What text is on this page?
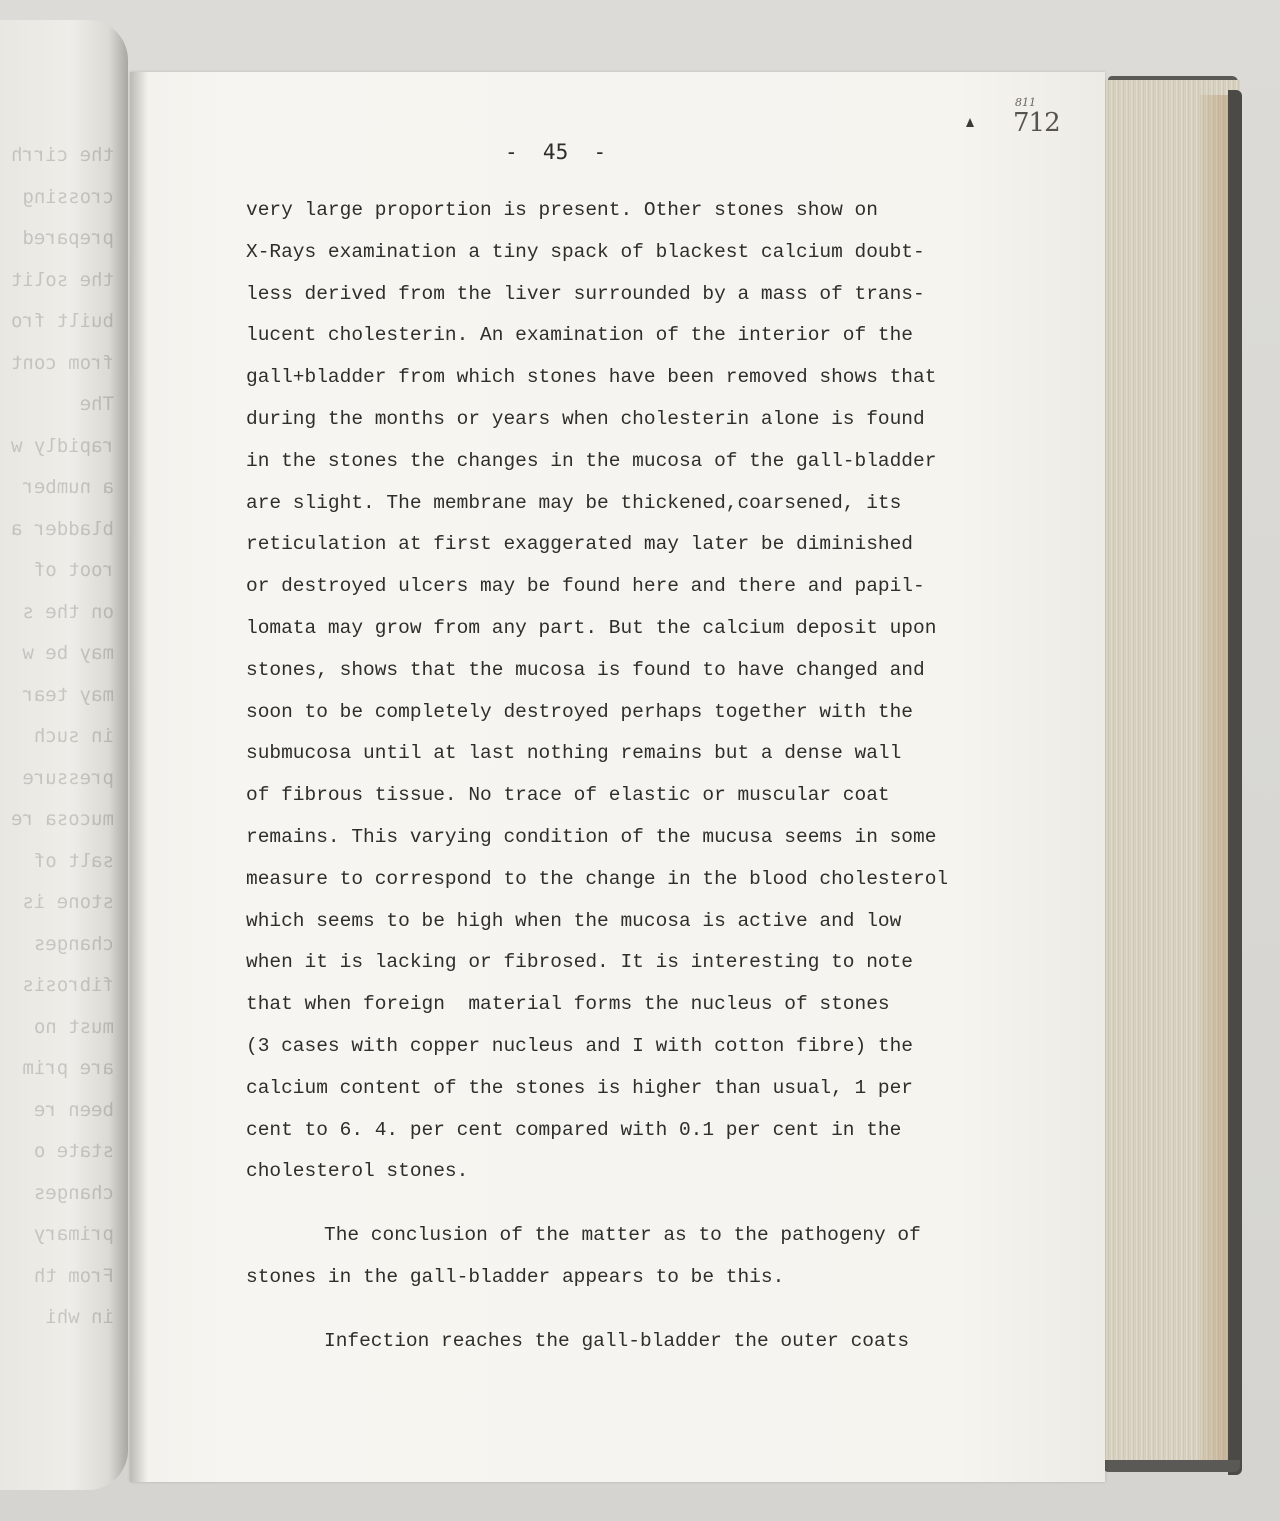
the cirrh
crossing
prepared
the solit
built fro
from cont
The
rapidly w
a number
bladder a
root of
on the s
may be w
may tear
in such
pressure
mucosa re
salt of
stone is
changes
fibrosis
must no
are prim
been re
state o
changes
primary
From th
in whi
811
712
-  45  -
very large proportion is present. Other stones show on
X-Rays examination a tiny spack of blackest calcium doubt-
less derived from the liver surrounded by a mass of trans-
lucent cholesterin. An examination of the interior of the
gall+bladder from which stones have been removed shows that
during the months or years when cholesterin alone is found
in the stones the changes in the mucosa of the gall-bladder
are slight. The membrane may be thickened,coarsened, its
reticulation at first exaggerated may later be diminished
or destroyed ulcers may be found here and there and papil-
lomata may grow from any part. But the calcium deposit upon
stones, shows that the mucosa is found to have changed and
soon to be completely destroyed perhaps together with the
submucosa until at last nothing remains but a dense wall
of fibrous tissue. No trace of elastic or muscular coat
remains. This varying condition of the mucusa seems in some
measure to correspond to the change in the blood cholesterol
which seems to be high when the mucosa is active and low
when it is lacking or fibrosed. It is interesting to note
that when foreign  material forms the nucleus of stones
(3 cases with copper nucleus and I with cotton fibre) the
calcium content of the stones is higher than usual, 1 per
cent to 6. 4. per cent compared with 0.1 per cent in the
cholesterol stones.
The conclusion of the matter as to the pathogeny of
stones in the gall-bladder appears to be this.
Infection reaches the gall-bladder the outer coats
